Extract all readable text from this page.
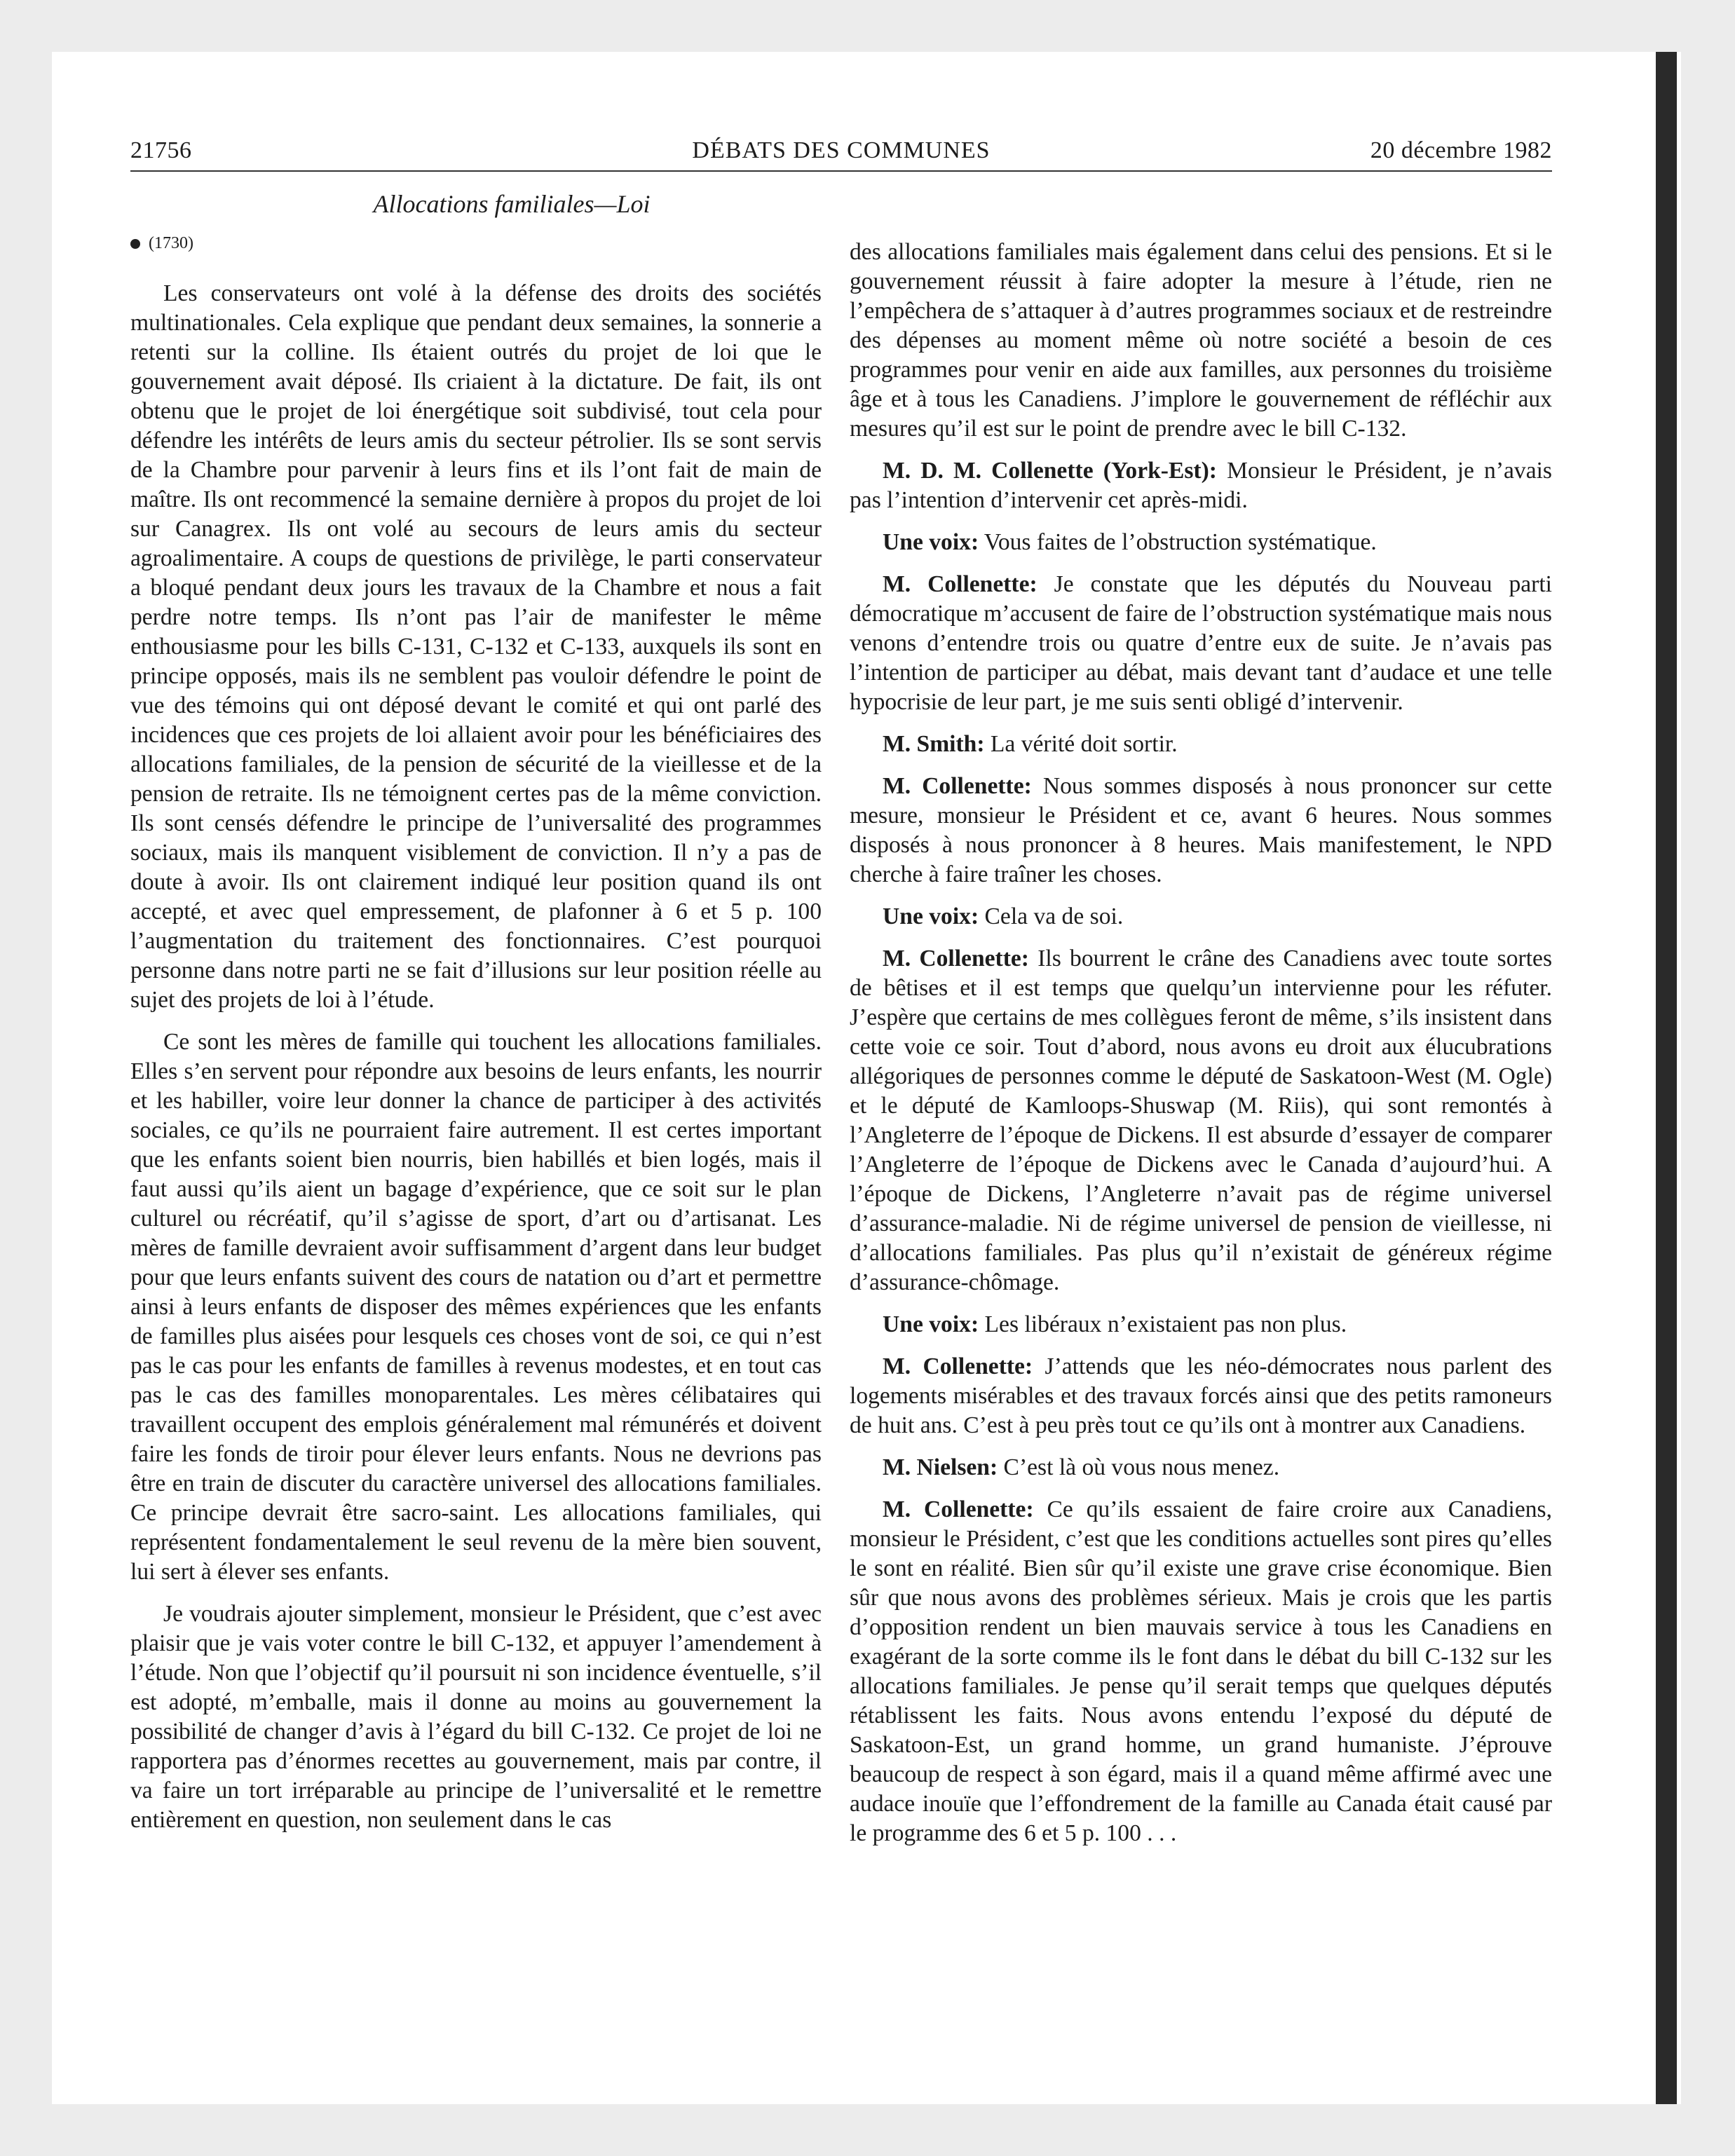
21756	DÉBATS DES COMMUNES	20 décembre 1982
Allocations familiales—Loi
(1730)

Les conservateurs ont volé à la défense des droits des sociétés multinationales. Cela explique que pendant deux semaines, la sonnerie a retenti sur la colline. Ils étaient outrés du projet de loi que le gouvernement avait déposé. Ils criaient à la dictature. De fait, ils ont obtenu que le projet de loi énergétique soit subdivisé, tout cela pour défendre les intérêts de leurs amis du secteur pétrolier. Ils se sont servis de la Chambre pour parvenir à leurs fins et ils l’ont fait de main de maître. Ils ont recommencé la semaine dernière à propos du projet de loi sur Canagrex. Ils ont volé au secours de leurs amis du secteur agroalimentaire. A coups de questions de privilège, le parti conservateur a bloqué pendant deux jours les travaux de la Chambre et nous a fait perdre notre temps. Ils n’ont pas l’air de manifester le même enthousiasme pour les bills C-131, C-132 et C-133, auxquels ils sont en principe opposés, mais ils ne semblent pas vouloir défendre le point de vue des témoins qui ont déposé devant le comité et qui ont parlé des incidences que ces projets de loi allaient avoir pour les bénéficiaires des allocations familiales, de la pension de sécurité de la vieillesse et de la pension de retraite. Ils ne témoignent certes pas de la même conviction. Ils sont censés défendre le principe de l’universalité des programmes sociaux, mais ils manquent visiblement de conviction. Il n’y a pas de doute à avoir. Ils ont clairement indiqué leur position quand ils ont accepté, et avec quel empressement, de plafonner à 6 et 5 p. 100 l’augmentation du traitement des fonctionnaires. C’est pourquoi personne dans notre parti ne se fait d’illusions sur leur position réelle au sujet des projets de loi à l’étude.

Ce sont les mères de famille qui touchent les allocations familiales. Elles s’en servent pour répondre aux besoins de leurs enfants, les nourrir et les habiller, voire leur donner la chance de participer à des activités sociales, ce qu’ils ne pourraient faire autrement. Il est certes important que les enfants soient bien nourris, bien habillés et bien logés, mais il faut aussi qu’ils aient un bagage d’expérience, que ce soit sur le plan culturel ou récréatif, qu’il s’agisse de sport, d’art ou d’artisanat. Les mères de famille devraient avoir suffisamment d’argent dans leur budget pour que leurs enfants suivent des cours de natation ou d’art et permettre ainsi à leurs enfants de disposer des mêmes expériences que les enfants de familles plus aisées pour lesquels ces choses vont de soi, ce qui n’est pas le cas pour les enfants de familles à revenus modestes, et en tout cas pas le cas des familles monoparentales. Les mères célibataires qui travaillent occupent des emplois généralement mal rémunérés et doivent faire les fonds de tiroir pour élever leurs enfants. Nous ne devrions pas être en train de discuter du caractère universel des allocations familiales. Ce principe devrait être sacro-saint. Les allocations familiales, qui représentent fondamentalement le seul revenu de la mère bien souvent, lui sert à élever ses enfants.

Je voudrais ajouter simplement, monsieur le Président, que c’est avec plaisir que je vais voter contre le bill C-132, et appuyer l’amendement à l’étude. Non que l’objectif qu’il poursuit ni son incidence éventuelle, s’il est adopté, m’emballe, mais il donne au moins au gouvernement la possibilité de changer d’avis à l’égard du bill C-132. Ce projet de loi ne rapportera pas d’énormes recettes au gouvernement, mais par contre, il va faire un tort irréparable au principe de l’universalité et le remettre entièrement en question, non seulement dans le cas

des allocations familiales mais également dans celui des pensions. Et si le gouvernement réussit à faire adopter la mesure à l’étude, rien ne l’empêchera de s’attaquer à d’autres programmes sociaux et de restreindre des dépenses au moment même où notre société a besoin de ces programmes pour venir en aide aux familles, aux personnes du troisième âge et à tous les Canadiens. J’implore le gouvernement de réfléchir aux mesures qu’il est sur le point de prendre avec le bill C-132.

M. D. M. Collenette (York-Est): Monsieur le Président, je n’avais pas l’intention d’intervenir cet après-midi.

Une voix: Vous faites de l’obstruction systématique.

M. Collenette: Je constate que les députés du Nouveau parti démocratique m’accusent de faire de l’obstruction systématique mais nous venons d’entendre trois ou quatre d’entre eux de suite. Je n’avais pas l’intention de participer au débat, mais devant tant d’audace et une telle hypocrisie de leur part, je me suis senti obligé d’intervenir.

M. Smith: La vérité doit sortir.

M. Collenette: Nous sommes disposés à nous prononcer sur cette mesure, monsieur le Président et ce, avant 6 heures. Nous sommes disposés à nous prononcer à 8 heures. Mais manifestement, le NPD cherche à faire traîner les choses.

Une voix: Cela va de soi.

M. Collenette: Ils bourrent le crâne des Canadiens avec toute sortes de bêtises et il est temps que quelqu’un intervienne pour les réfuter. J’espère que certains de mes collègues feront de même, s’ils insistent dans cette voie ce soir. Tout d’abord, nous avons eu droit aux élucubrations allégoriques de personnes comme le député de Saskatoon-West (M. Ogle) et le député de Kamloops-Shuswap (M. Riis), qui sont remontés à l’Angleterre de l’époque de Dickens. Il est absurde d’essayer de comparer l’Angleterre de l’époque de Dickens avec le Canada d’aujourd’hui. A l’époque de Dickens, l’Angleterre n’avait pas de régime universel d’assurance-maladie. Ni de régime universel de pension de vieillesse, ni d’allocations familiales. Pas plus qu’il n’existait de généreux régime d’assurance-chômage.

Une voix: Les libéraux n’existaient pas non plus.

M. Collenette: J’attends que les néo-démocrates nous parlent des logements misérables et des travaux forcés ainsi que des petits ramoneurs de huit ans. C’est à peu près tout ce qu’ils ont à montrer aux Canadiens.

M. Nielsen: C’est là où vous nous menez.

M. Collenette: Ce qu’ils essaient de faire croire aux Canadiens, monsieur le Président, c’est que les conditions actuelles sont pires qu’elles le sont en réalité. Bien sûr qu’il existe une grave crise économique. Bien sûr que nous avons des problèmes sérieux. Mais je crois que les partis d’opposition rendent un bien mauvais service à tous les Canadiens en exagérant de la sorte comme ils le font dans le débat du bill C-132 sur les allocations familiales. Je pense qu’il serait temps que quelques députés rétablissent les faits. Nous avons entendu l’exposé du député de Saskatoon-Est, un grand homme, un grand humaniste. J’éprouve beaucoup de respect à son égard, mais il a quand même affirmé avec une audace inouïe que l’effondrement de la famille au Canada était causé par le programme des 6 et 5 p. 100 . . .
